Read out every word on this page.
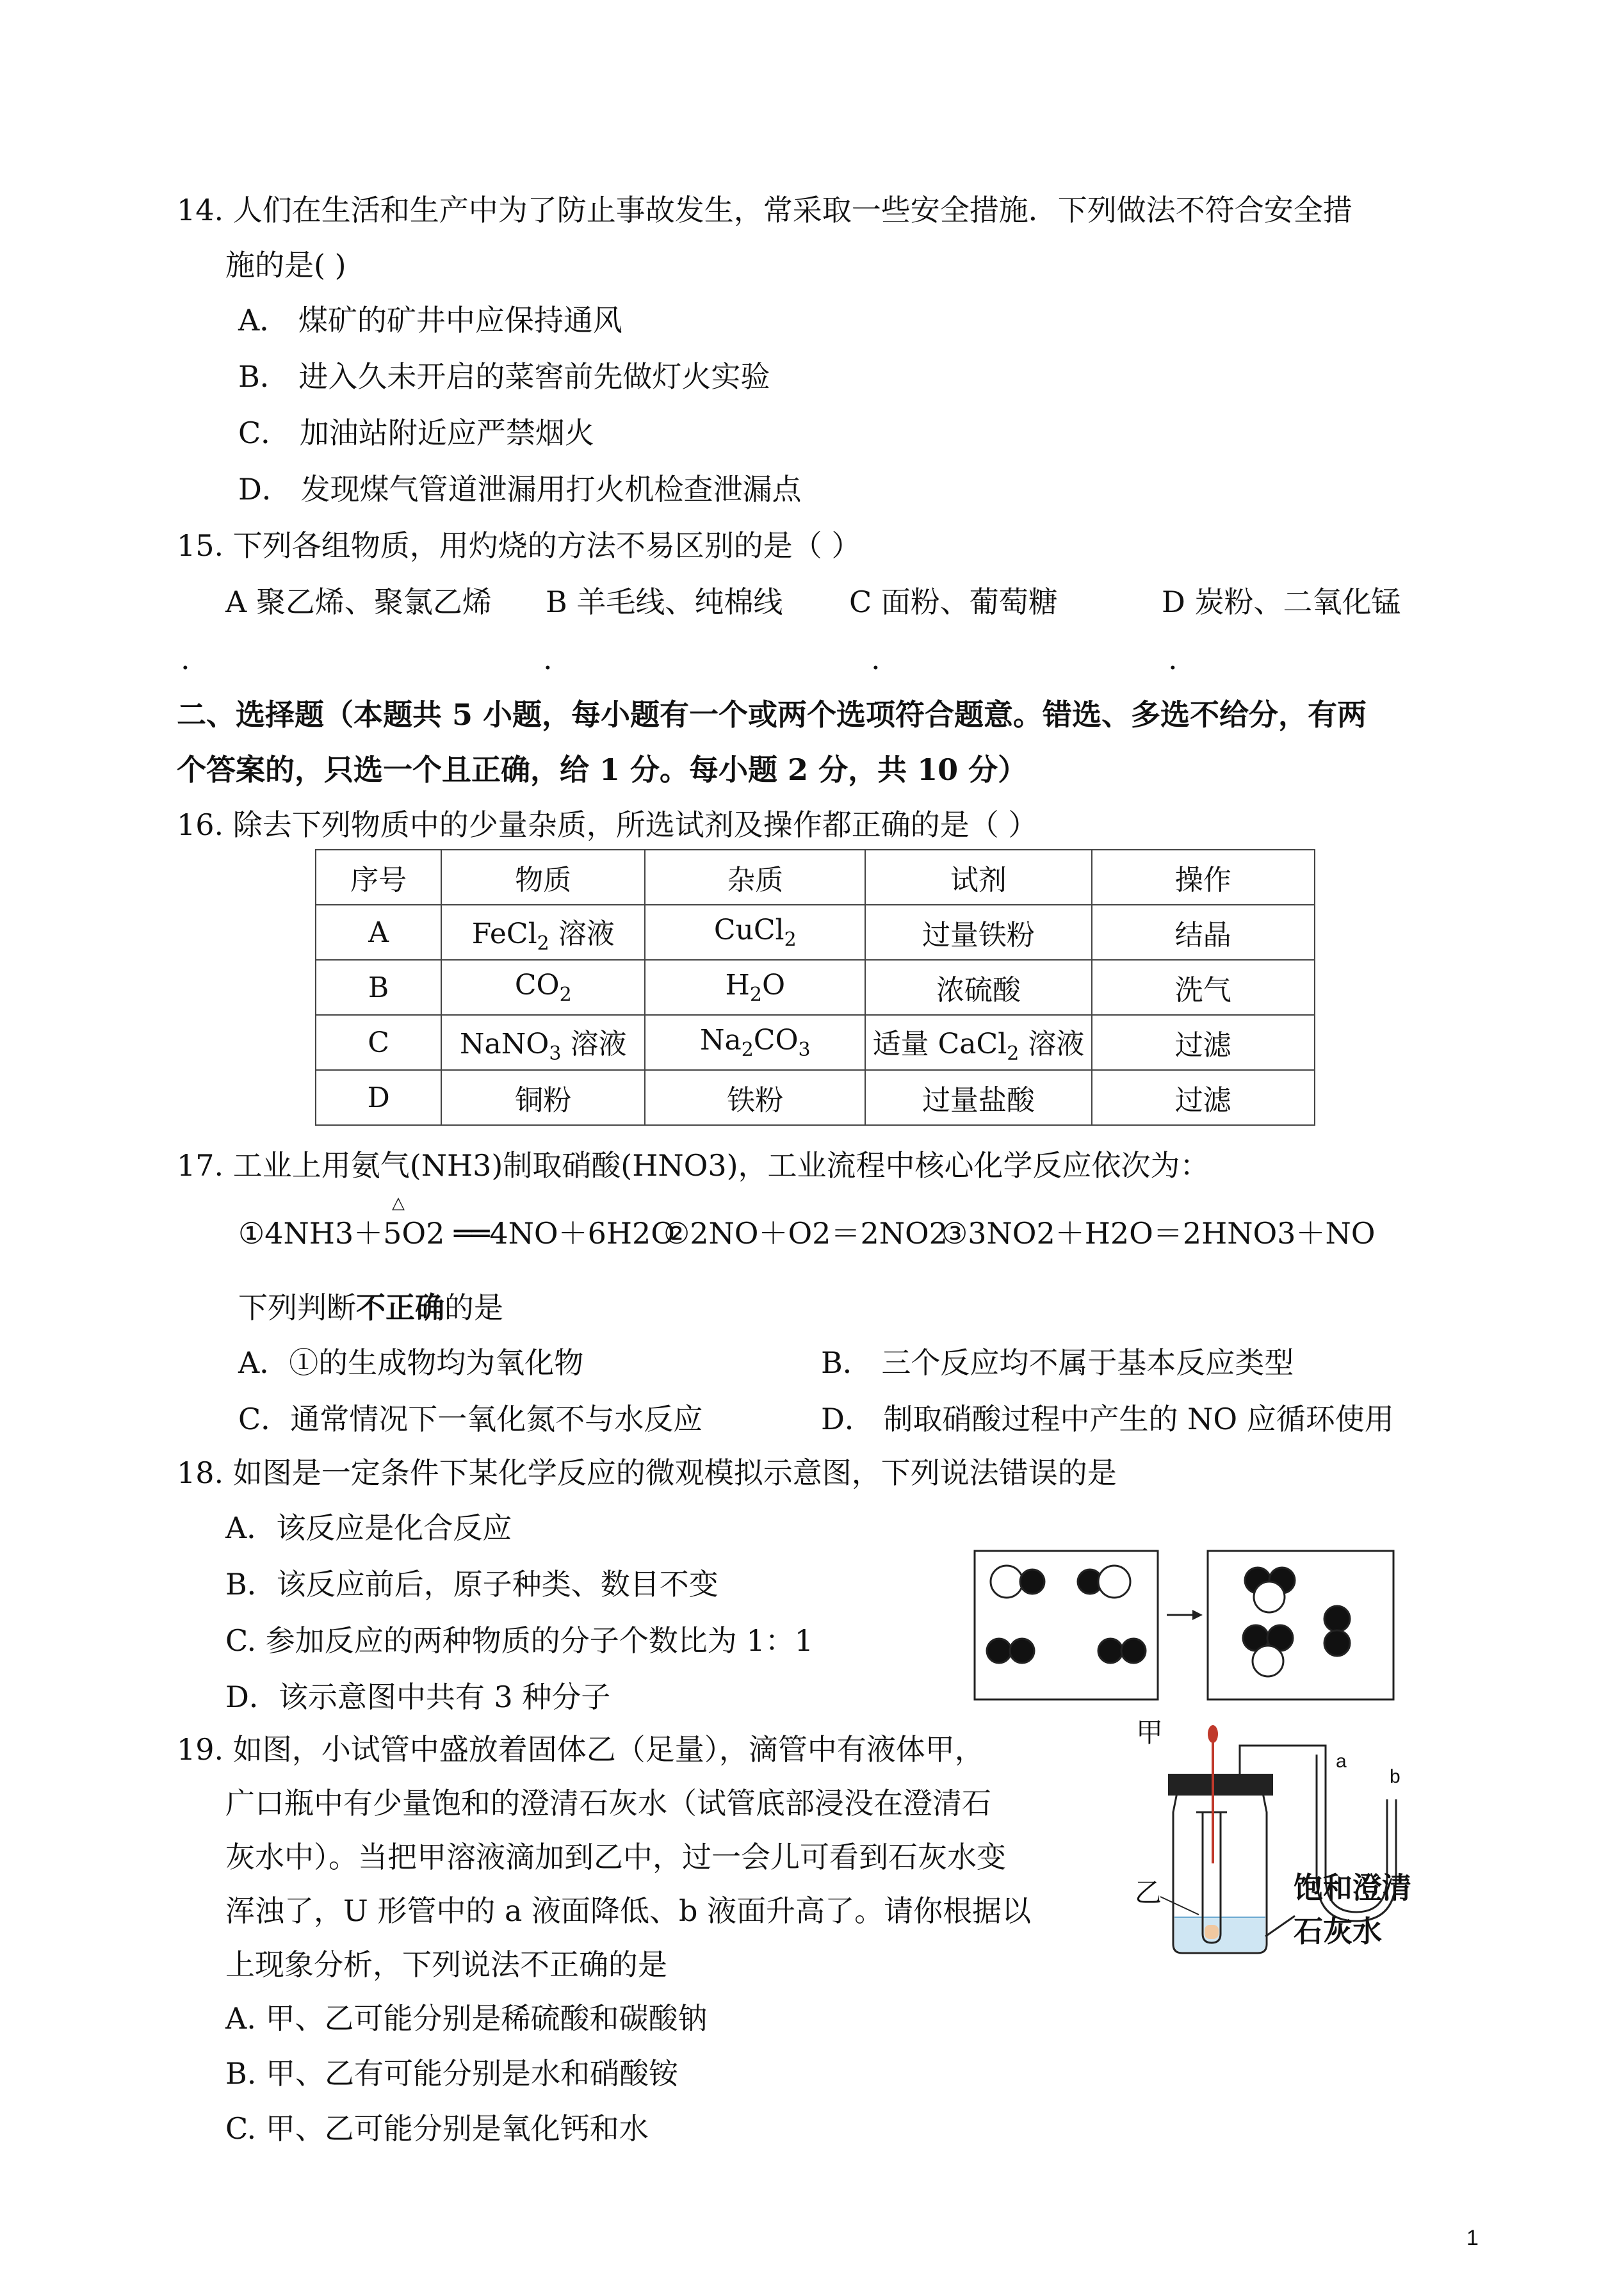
14. 人们在生活和生产中为了防止事故发生，常采取一些安全措施．下列做法不符合安全措
施的是( )
A． 煤矿的矿井中应保持通风
B． 进入久未开启的菜窖前先做灯火实验
C． 加油站附近应严禁烟火
D． 发现煤气管道泄漏用打火机检查泄漏点
15. 下列各组物质，用灼烧的方法不易区别的是（ ）
A 聚乙烯、聚氯乙烯 B 羊毛线、纯棉线 C 面粉、葡萄糖	D 炭粉、二氧化锰
.	.	.	.
二、选择题（本题共 5 小题，每小题有一个或两个选项符合题意。错选、多选不给分，有两
个答案的，只选一个且正确，给 1 分。每小题 2 分，共 10 分）
16. 除去下列物质中的少量杂质，所选试剂及操作都正确的是（ ）
序号	物质	杂质	试剂	操作
A	FeCl$_2$ 溶液	CuCl$_2$	过量铁粉	结晶
B	$CO_2$	$H_2O$	浓硫酸	洗气
C	NaNO$_3$ 溶液	$Na_2CO_3$	适量 CaCl$_2$ 溶液	过滤
D	铜粉	铁粉	过量盐酸	过滤
17. 工业上用氨气(NH3)制取硝酸(HNO3)，工业流程中核心化学反应依次为：
△
①4NH3＋5O2 ══4NO＋6H2O
②2NO＋O2＝2NO2
③3NO2＋H2O＝2HNO3＋NO
下列判断不正确的是
A．①的生成物均为氧化物	B． 三个反应均不属于基本反应类型
C．通常情况下一氧化氮不与水反应	D． 制取硝酸过程中产生的 NO 应循环使用
18. 如图是一定条件下某化学反应的微观模拟示意图，下列说法错误的是
A．该反应是化合反应
B．该反应前后，原子种类、数目不变
C. 参加反应的两种物质的分子个数比为 1：1
D．该示意图中共有 3 种分子
19. 如图，小试管中盛放着固体乙（足量），滴管中有液体甲，
广口瓶中有少量饱和的澄清石灰水（试管底部浸没在澄清石
灰水中）。当把甲溶液滴加到乙中，过一会儿可看到石灰水变
浑浊了，U 形管中的 a 液面降低、b 液面升高了。请你根据以
上现象分析，下列说法不正确的是
A. 甲、乙可能分别是稀硫酸和碳酸钠
B. 甲、乙有可能分别是水和硝酸铵
C. 甲、乙可能分别是氧化钙和水
甲
乙
a
b
饱和澄清
石灰水
1
